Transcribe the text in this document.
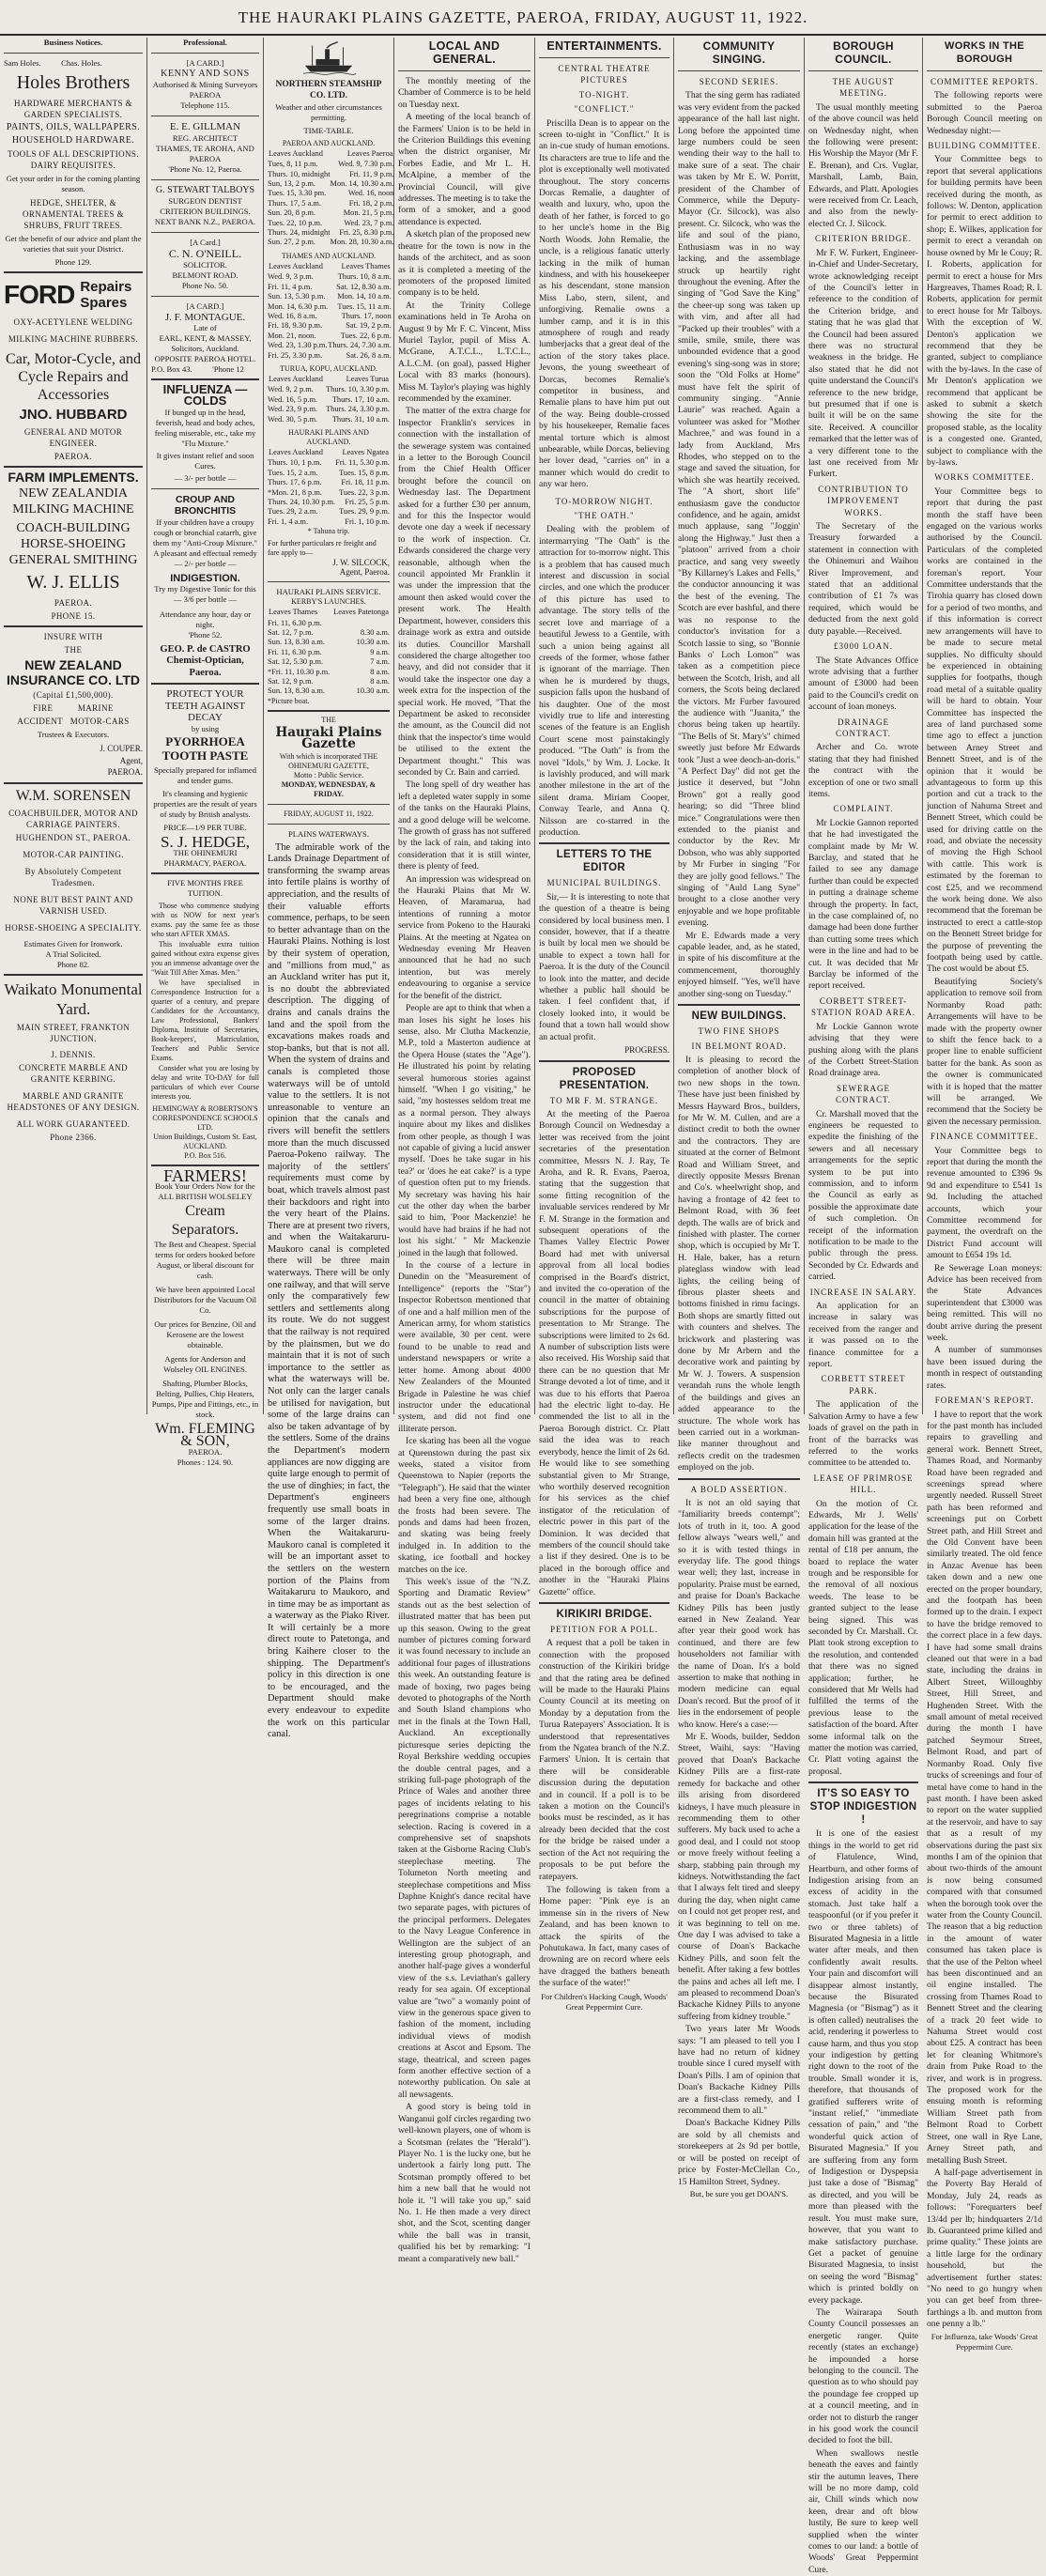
THE HAURAKI PLAINS GAZETTE, PAEROA, FRIDAY, AUGUST 11, 1922.
Business Notices.
Sam Holes.          Chas. Holes.
Holes Brothers
HARDWARE MERCHANTS & GARDEN SPECIALISTS.
PAINTS, OILS, WALLPAPERS.
HOUSEHOLD HARDWARE.
TOOLS OF ALL DESCRIPTIONS. DAIRY REQUISITES.
Get your order in for the coming planting season.
HEDGE, SHELTER, & ORNAMENTAL TREES & SHRUBS, FRUIT TREES.
Get the benefit of our advice and plant the varieties that suit your District.
Phone 129.
FORD Repairs
Spares
OXY-ACETYLENE WELDING
MILKING MACHINE RUBBERS.
Car, Motor-Cycle, and Cycle Repairs and Accessories
JNO. HUBBARD
GENERAL AND MOTOR ENGINEER.
PAEROA.
FARM IMPLEMENTS.
NEW ZEALANDIA MILKING MACHINE
COACH-BUILDING HORSE-SHOEING GENERAL SMITHING
W. J. ELLIS
PAEROA.
PHONE 15.
INSURE WITH
THE
NEW ZEALAND INSURANCE CO. LTD
(Capital £1,500,000).
FIRE          MARINE
ACCIDENT   MOTOR-CARS
Trustees & Executors.
J. COUPER.
Agent,
PAEROA.
W.M. SORENSEN
COACHBUILDER, MOTOR AND CARRIAGE PAINTERS.
HUGHENDON ST., PAEROA.
MOTOR-CAR PAINTING.
By Absolutely Competent Tradesmen.
NONE BUT BEST PAINT AND VARNISH USED.
HORSE-SHOEING A SPECIALITY.
Estimates Given for Ironwork.
A Trial Solicited.
Phone 82.
Waikato Monumental Yard.
MAIN STREET, FRANKTON JUNCTION.
J. DENNIS.
CONCRETE MARBLE AND GRANITE KERBING.
MARBLE AND GRANITE HEADSTONES OF ANY DESIGN.
ALL WORK GUARANTEED.
Phone 2366.
Professional.
[A CARD.]
KENNY AND SONS
Authorised & Mining Surveyors
PAEROA
Telephone 115.
E. E. GILLMAN
REG. ARCHITECT
THAMES, TE AROHA, AND PAEROA
'Phone No. 12, Paeroa.
G. STEWART TALBOYS
SURGEON DENTIST
CRITERION BUILDINGS. NEXT BANK N.Z., PAEROA.
[A Card.]
C. N. O'NEILL.
SOLICITOR.
BELMONT ROAD.
Phone No. 50.
[A CARD.]
J. F. MONTAGUE.
Late of
EARL, KENT, & MASSEY,
Solicitors, Auckland.
OPPOSITE PAEROA HOTEL.
P.O. Box 43.          'Phone 12
INFLUENZA — COLDS
If bunged up in the head, feverish, head and body aches, feeling miserable, etc., take my "Flu Mixture."
It gives instant relief and soon Cures.
— 3/- per bottle —
CROUP AND BRONCHITIS
If your children have a croupy cough or bronchial catarrh, give them my "Anti-Croup Mixture." A pleasant and effectual remedy
— 2/- per bottle —
INDIGESTION.
Try my Digestive Tonic for this
— 3/6 per bottle —
Attendance any hour, day or night.
'Phone 52.
GEO. P. de CASTRO
Chemist-Optician, Paeroa.
PROTECT YOUR TEETH AGAINST DECAY
by using
PYORRHOEA TOOTH PASTE
Specially prepared for inflamed and tender gums.
It's cleansing and hygienic properties are the result of years of study by British analysts.
PRICE—1/9 PER TUBE.
S. J. HEDGE,
THE OHINEMURI PHARMACY, PAEROA.
FIVE MONTHS FREE TUITION.
Those who commence studying with us NOW for next year's exams. pay the same fee as those who start AFTER XMAS.
This invaluable extra tuition gained without extra expense gives you an immense advantage over the "Wait Till After Xmas. Men."
We have specialised in Correspondence Instruction for a quarter of a century, and prepare Candidates for the Accountancy, Law Professional, Bankers' Diploma, Institute of Secretaries, Book-keepers', Matriculation, Teachers' and Public Service Exams.
Consider what you are losing by delay and write TO-DAY for full particulars of which ever Course interests you.
HEMINGWAY & ROBERTSON'S CORRESPONDENCE SCHOOLS LTD.
Union Buildings, Custom St. East,
AUCKLAND.
P.O. Box 516.
FARMERS!
Book Your Orders Now for the ALL BRITISH WOLSELEY
Cream Separators.
The Best and Cheapest. Special terms for orders booked before August, or liberal discount for cash.
We have been appointed Local Distributors for the Vacuum Oil Co.
Our prices for Benzine, Oil and Kerosene are the lowest obtainable.
Agents for Anderson and Wolseley OIL ENGINES.
Shafting, Plumber Blocks, Belting, Pullies, Chip Heaters, Pumps, Pipe and Fittings, etc., in stock.
Wm. FLEMING & SON,
PAEROA.
Phones : 124. 90.
NORTHERN STEAMSHIP CO. LTD.
Weather and other circumstances permitting.
TIME-TABLE.
PAEROA AND AUCKLAND.
Leaves Auckland	Leaves Paeroa
Tues, 8, 11 p.m.	Wed. 9, 7.30 p.m.
Thurs. 10, midnight	Fri. 11, 9 p.m.
Sun, 13, 2 p.m.	Mon. 14, 10.30 a.m.
Tues. 15, 3.30 pm.	Wed. 16, noon
Thurs. 17, 5 a.m.	Fri. 18, 2 p.m.
Sun. 20, 8 p.m.	Mon. 21, 5 p.m.
Tues. 22, 10 p.m.	Wed. 23, 7 p.m.
Thurs. 24, midnight	Fri. 25, 8.30 p.m.
Sun. 27, 2 p.m.	Mon. 28, 10.30 a.m.
THAMES AND AUCKLAND.
Leaves Auckland	Leaves Thames
Wed. 9, 3 p.m.	Thurs. 10, 8 a.m.
Fri. 11, 4 p.m.	Sat. 12, 8.30 a.m.
Sun. 13, 5.30 p.m.	Mon. 14, 10 a.m.
Mon. 14, 6.30 p.m.	Tues. 15, 11 a.m.
Wed. 16, 8 a.m.	Thurs. 17, noon
Fri. 18, 9.30 p.m.	Sat. 19, 2 p.m.
Mon. 21, noon.	Tues. 22, 6 p.m.
Wed. 23, 1.30 p.m.	Thurs. 24, 7.30 a.m.
Fri. 25, 3.30 p.m.	Sat. 26, 8 a.m.
TURUA, KOPU, AUCKLAND.
Leaves Auckland	Leaves Turua
Wed. 9, 2 p.m.	Thurs. 10, 3.30 p.m.
Wed. 16, 5 p.m.	Thurs. 17, 10 a.m.
Wed. 23, 9 p.m.	Thurs. 24, 3.30 p.m.
Wed. 30, 5 p.m.	Thurs. 31, 10 a.m.
HAURAKI PLAINS AND AUCKLAND.
Leaves Auckland	Leaves Ngatea
Thurs. 10, 1 p.m.	Fri. 11, 5.30 p.m.
Tues. 15, 2 a.m.	Tues. 15, 8 p.m.
Thurs. 17, 6 p.m.	Fri. 18, 11 p.m.
*Mon. 21, 8 p.m.	Tues. 22, 3 p.m.
Thurs. 24, 10.30 p.m.	Fri. 25, 5 p.m.
Tues. 29, 2 a.m.	Tues. 29, 9 p.m.
Fri. 1, 4 a.m.	Fri. 1, 10 p.m.
* Tahuna trip.
For further particulars re freight and fare apply to—
J. W. SILCOCK,
Agent, Paeroa.
HAURAKI PLAINS SERVICE.
KERBY'S LAUNCHES.
Leaves Thames	Leaves Patetonga
Fri. 11, 6.30 p.m.	
Sat. 12, 7 p.m.	8.30 a.m.
Sun. 13, 8.30 a.m.	10.30 a.m.
Fri. 11, 6.30 p.m.	9 a.m.
Sat. 12, 5.30 p.m.	7 a.m.
*Fri. 11, 10.30 p.m.	8 a.m.
Sat. 12, 9 p.m.	8 a.m.
Sun. 13, 8.30 a.m.	10.30 a.m.
*Picture boat.
THE
Hauraki Plains Gazette
With which is incorporated THE OHINEMURI GAZETTE,
Motto : Public Service.
MONDAY, WEDNESDAY, & FRIDAY.
FRIDAY, AUGUST 11, 1922.
PLAINS WATERWAYS.
The admirable work of the Lands Drainage Department of transforming the swamp areas into fertile plains is worthy of appreciation, and the results of their valuable efforts commence, perhaps, to be seen to better advantage than on the Hauraki Plains. Nothing is lost by their system of operation, and "millions from mud," as an Auckland writer has put it, is no doubt the abbreviated description. The digging of drains and canals drains the land and the spoil from the excavations makes roads and stop-banks, but that is not all. When the system of drains and canals is completed those waterways will be of untold value to the settlers. It is not unreasonable to venture an opinion that the canals and rivers will benefit the settlers more than the much discussed Paeroa-Pokeno railway. The majority of the settlers' requirements must come by boat, which travels almost past their backdoors and right into the very heart of the Plains. There are at present two rivers, and when the Waitakaruru-Maukoro canal is completed there will be three main waterways. There will be only one railway, and that will serve only the comparatively few settlers and settlements along its route. We do not suggest that the railway is not required by the plainsmen, but we do maintain that it is not of such importance to the settler as what the waterways will be. Not only can the larger canals be utilised for navigation, but some of the large drains can also be taken advantage of by the settlers. Some of the drains the Department's modern appliances are now digging are quite large enough to permit of the use of dinghies; in fact, the Department's engineers frequently use small boats in some of the larger drains. When the Waitakaruru-Maukoro canal is completed it will be an important asset to the settlers on the western portion of the Plains from Waitakaruru to Maukoro, and in time may be as important as a waterway as the Piako River. It will certainly be a more direct route to Patetonga, and bring Kaihere closer to the shipping. The Department's policy in this direction is one to be encouraged, and the Department should make every endeavour to expedite the work on this particular canal.
LOCAL AND GENERAL.
The monthly meeting of the Chamber of Commerce is to be held on Tuesday next.
A meeting of the local branch of the Farmers' Union is to be held in the Criterion Buildings this evening when the district organiser, Mr Forbes Eadie, and Mr L. H. McAlpine, a member of the Provincial Council, will give addresses. The meeting is to take the form of a smoker, and a good attendance is expected.
A sketch plan of the proposed new theatre for the town is now in the hands of the architect, and as soon as it is completed a meeting of the promoters of the proposed limited company is to be held.
At the Trinity College examinations held in Te Aroha on August 9 by Mr F. C. Vincent, Miss Muriel Taylor, pupil of Miss A. McGrane, A.T.C.L., L.T.C.L., A.L.C.M. (on goal), passed Higher Local with 83 marks (honours). Miss M. Taylor's playing was highly recommended by the examiner.
The matter of the extra charge for Inspector Franklin's services in connection with the installation of the sewerage system was contained in a letter to the Borough Council from the Chief Health Officer brought before the council on Wednesday last. The Department asked for a further £30 per annum, and for this the Inspector would devote one day a week if necessary to the work of inspection. Cr. Edwards considered the charge very reasonable, although when the council appointed Mr Franklin it was under the impression that the amount then asked would cover the present work. The Health Department, however, considers this drainage work as extra and outside its duties. Councillor Marshall considered the charge altogether too heavy, and did not consider that it would take the inspector one day a week extra for the inspection of the special work. He moved, "That the Department be asked to reconsider the amount, as the Council did not think that the inspector's time would be utilised to the extent the Department thought." This was seconded by Cr. Bain and carried.
The long spell of dry weather has left a depleted water supply in some of the tanks on the Hauraki Plains, and a good deluge will be welcome. The growth of grass has not suffered by the lack of rain, and taking into consideration that it is still winter, there is plenty of feed.
An impression was widespread on the Hauraki Plains that Mr W. Heaven, of Maramarua, had intentions of running a motor service from Pokeno to the Hauraki Plains. At the meeting at Ngatea on Wednesday evening Mr Heaven announced that he had no such intention, but was merely endeavouring to organise a service for the benefit of the district.
People are apt to think that when a man loses his sight he loses his sense, also. Mr Clutha Mackenzie, M.P., told a Masterton audience at the Opera House (states the "Age"). He illustrated his point by relating several humorous stories against himself. "When I go visiting," he said, "my hostesses seldom treat me as a normal person. They always inquire about my likes and dislikes from other people, as though I was not capable of giving a lucid answer myself. 'Does he take sugar in his tea?' or 'does he eat cake?' is a type of question often put to my friends. My secretary was having his hair cut the other day when the barber said to him, 'Poor Mackenzie! he would have had brains if he had not lost his sight.' " Mr Mackenzie joined in the laugh that followed.
In the course of a lecture in Dunedin on the "Measurement of Intelligence" (reports the "Star") Inspector Robertson mentioned that of one and a half million men of the American army, for whom statistics were available, 30 per cent. were found to be unable to read and understand newspapers or write a letter home. Among about 4000 New Zealanders of the Mounted Brigade in Palestine he was chief instructor under the educational system, and did not find one illiterate person.
Ice skating has been all the vogue at Queenstown during the past six weeks, stated a visitor from Queenstown to Napier (reports the "Telegraph"). He said that the winter had been a very fine one, although the frosts had been severe. The ponds and dams had been frozen, and skating was being freely indulged in. In addition to the skating, ice football and hockey matches on the ice.
This week's issue of the "N.Z. Sporting and Dramatic Review" stands out as the best selection of illustrated matter that has been put up this season. Owing to the great number of pictures coming forward it was found necessary to include an additional four pages of illustrations this week. An outstanding feature is made of boxing, two pages being devoted to photographs of the North and South Island champions who met in the finals at the Town Hall, Auckland. An exceptionally picturesque series depicting the Royal Berkshire wedding occupies the double central pages, and a striking full-page photograph of the Prince of Wales and another three pages of incidents relating to his peregrinations comprise a notable selection. Racing is covered in a comprehensive set of snapshots taken at the Gisborne Racing Club's steeplechase meeting. The Tolumeton North meeting and steeplechase competitions and Miss Daphne Knight's dance recital have two separate pages, with pictures of the principal performers. Delegates to the Navy League Conference in Wellington are the subject of an interesting group photograph, and another half-page gives a wonderful view of the s.s. Leviathan's gallery ready for sea again. Of exceptional value are "two" a womanly point of view in the generous space given to fashion of the moment, including individual views of modish creations at Ascot and Epsom. The stage, theatrical, and screen pages form another effective section of a noteworthy publication. On sale at all newsagents.
A good story is being told in Wanganui golf circles regarding two well-known players, one of whom is a Scotsman (relates the "Herald"). Player No. 1 is the lucky one, but he undertook a fairly long putt. The Scotsman promptly offered to bet him a new ball that he would not hole it. "I will take you up," said No. 1. He then made a very direct shot, and the Scot, scenting danger while the ball was in transit, qualified his bet by remarking: "I meant a comparatively new ball."
ENTERTAINMENTS.
CENTRAL THEATRE PICTURES
TO-NIGHT.
"CONFLICT."
Priscilla Dean is to appear on the screen to-night in "Conflict." It is an in-cue study of human emotions. Its characters are true to life and the plot is exceptionally well motivated throughout. The story concerns Dorcas Remalie, a daughter of wealth and luxury, who, upon the death of her father, is forced to go to her uncle's home in the Big North Woods. John Remalie, the uncle, is a religious fanatic utterly lacking in the milk of human kindness, and with his housekeeper as his descendant, stone mansion Miss Labo, stern, silent, and unforgiving. Remalie owns a lumber camp, and it is in this atmosphere of rough and ready lumberjacks that a great deal of the action of the story takes place. Jevons, the young sweetheart of Dorcas, becomes Remalie's competitor in business, and Remalie plans to have him put out of the way. Being double-crossed by his housekeeper, Remalie faces mental torture which is almost unbearable, while Dorcas, believing her lover dead, "carries on" in a manner which would do credit to any war hero.
TO-MORROW NIGHT.
"THE OATH."
Dealing with the problem of intermarrying "The Oath" is the attraction for to-morrow night. This is a problem that has caused much interest and discussion in social circles, and one which the producer of this picture has used to advantage. The story tells of the secret love and marriage of a beautiful Jewess to a Gentile, with such a union being against all creeds of the former, whose father is ignorant of the marriage. Then when he is murdered by thugs, suspicion falls upon the husband of his daughter. One of the most vividly true to life and interesting scenes of the feature is an English Court scene most painstakingly produced. "The Oath" is from the novel "Idols," by Wm. J. Locke. It is lavishly produced, and will mark another milestone in the art of the silent drama. Miriam Cooper, Conway Tearle, and Anna Q. Nilsson are co-starred in the production.
LETTERS TO THE EDITOR
MUNICIPAL BUILDINGS.
Sir,— It is interesting to note that the question of a theatre is being considered by local business men. I consider, however, that if a theatre is built by local men we should be unable to expect a town hall for Paeroa. It is the duty of the Council to look into the matter, and decide whether a public hall should be taken. I feel confident that, if closely looked into, it would be found that a town hall would show an actual profit.
PROGRESS.
PROPOSED PRESENTATION.
TO MR F. M. STRANGE.
At the meeting of the Paeroa Borough Council on Wednesday a letter was received from the joint secretaries of the presentation committee, Messrs N. J. Ray, Te Aroha, and R. R. Evans, Paeroa, stating that the suggestion that some fitting recognition of the invaluable services rendered by Mr F. M. Strange in the formation and subsequent operations of the Thames Valley Electric Power Board had met with universal approval from all local bodies comprised in the Board's district, and invited the co-operation of the council in the matter of obtaining subscriptions for the purpose of presentation to Mr Strange. The subscriptions were limited to 2s 6d. A number of subscription lists were also received. His Worship said that there can be no question that Mr Strange devoted a lot of time, and it was due to his efforts that Paeroa had the electric light to-day. He commended the list to all in the Paeroa Borough district. Cr. Platt said the idea was to reach everybody, hence the limit of 2s 6d. He would like to see something substantial given to Mr Strange, who worthily deserved recognition for his services as the chief instigator of the reticulation of electric power in this part of the Dominion. It was decided that members of the council should take a list if they desired. One is to be placed in the borough office and another in the "Hauraki Plains Gazette" office.
KIRIKIRI BRIDGE.
PETITION FOR A POLL.
A request that a poll be taken in connection with the proposed construction of the Kirikiri bridge and that the rating area be defined will be made to the Hauraki Plains County Council at its meeting on Monday by a deputation from the Turua Ratepayers' Association. It is understood that representatives from the Ngatea branch of the N.Z. Farmers' Union. It is certain that there will be considerable discussion during the deputation and in council. If a poll is to be taken a motion on the Council's books must be rescinded, as it has already been decided that the cost for the bridge be raised under a section of the Act not requiring the proposals to be put before the ratepayers.
The following is taken from a Home paper: "Pink eye is an immense sin in the rivers of New Zealand, and has been known to attack the spirits of the Pohutukawa. In fact, many cases of drowning are on record where eels have dragged the bathers beneath the surface of the water!"
For Children's Hacking Cough, Woods' Great Peppermint Cure.
COMMUNITY SINGING.
SECOND SERIES.
That the sing germ has radiated was very evident from the packed appearance of the hall last night. Long before the appointed time large numbers could be seen wending their way to the hall to make sure of a seat. The chair was taken by Mr E. W. Porritt, president of the Chamber of Commerce, while the Deputy-Mayor (Cr. Silcock), was also present. Cr. Silcock, who was the life and soul of the piano, Enthusiasm was in no way lacking, and the assemblage struck up heartily right throughout the evening. After the singing of "God Save the King" the cheer-up song was taken up with vim, and after all had "Packed up their troubles" with a smile, smile, smile, there was unbounded evidence that a good evening's sing-song was in store; soon the "Old Folks at Home" must have felt the spirit of community singing. "Annie Laurie" was reached. Again a volunteer was asked for "Mother Machree," and was found in a lady from Auckland, Mrs Rhodes, who stepped on to the stage and saved the situation, for which she was heartily received. The "A short, short life" enthusiasm gave the conductor confidence, and he again, amidst much applause, sang "Joggin' along the Highway." Just then a "platoon" arrived from a choir practice, and sang very sweetly "By Killarney's Lakes and Fells," the conductor announcing it was the best of the evening. The Scotch are ever bashful, and there was no response to the conductor's invitation for a Scotch lassie to sing, so "Bonnie Banks o' Loch Lomon'" was taken as a competition piece between the Scotch, Irish, and all corners, the Scots being declared the victors. Mr Furber favoured the audience with "Juanita," the chorus being taken up heartily. "The Bells of St. Mary's" chimed sweetly just before Mr Edwards took "Just a wee deoch-an-doris." "A Perfect Day" did not get the justice it deserved, but "John Brown" got a really good hearing; so did "Three blind mice." Congratulations were then extended to the pianist and conductor by the Rev. Mr Dobson, who was ably supported by Mr Furber in singing "For they are jolly good fellows." The singing of "Auld Lang Syne" brought to a close another very enjoyable and we hope profitable evening.
Mr E. Edwards made a very capable leader, and, as he stated, in spite of his discomfiture at the commencement, thoroughly enjoyed himself. "Yes, we'll have another sing-song on Tuesday."
NEW BUILDINGS.
TWO FINE SHOPS
IN BELMONT ROAD.
It is pleasing to record the completion of another block of two new shops in the town. These have just been finished by Messrs Hayward Bros., builders, for Mr W. M. Cullen, and are a distinct credit to both the owner and the contractors. They are situated at the corner of Belmont Road and William Street, and directly opposite Messrs Brenan and Co's. wheelwright shop, and having a frontage of 42 feet to Belmont Road, with 36 feet depth. The walls are of brick and finished with plaster. The corner shop, which is occupied by Mr T. H. Hale, baker, has a return plateglass window with lead lights, the ceiling being of fibrous plaster sheets and bottoms finished in rimu facings. Both shops are smartly fitted out with counters and shelves. The brickwork and plastering was done by Mr Arbern and the decorative work and painting by Mr W. J. Towers. A suspension verandah runs the whole length of the buildings and gives an added appearance to the structure. The whole work has been carried out in a workman-like manner throughout and reflects credit on the tradesmen employed on the job.
A BOLD ASSERTION.
It is not an old saying that "familiarity breeds contempt"; lots of truth in it, too. A good fellow always "wears well," and so it is with tested things in everyday life. The good things wear well; they last, increase in popularity. Praise must be earned, and praise for Doan's Backache Kidney Pills has been justly earned in New Zealand. Year after year their good work has continued, and there are few householders not familiar with the name of Doan. It's a bold assertion to make that nothing in modern medicine can equal Doan's record. But the proof of it lies in the endorsement of people who know. Here's a case:—
Mr E. Woods, builder, Seddon Street, Waihi, says: "Having proved that Doan's Backache Kidney Pills are a first-rate remedy for backache and other ills arising from disordered kidneys, I have much pleasure in recommending them to other sufferers. My back used to ache a good deal, and I could not stoop or move freely without feeling a sharp, stabbing pain through my kidneys. Notwithstanding the fact that I always felt tired and sleepy during the day, when night came on I could not get proper rest, and it was beginning to tell on me. One day I was advised to take a course of Doan's Backache Kidney Pills, and soon felt the benefit. After taking a few bottles the pains and aches all left me. I am pleased to recommend Doan's Backache Kidney Pills to anyone suffering from kidney trouble."
Two years later Mr Woods says: "I am pleased to tell you I have had no return of kidney trouble since I cured myself with Doan's Pills. I am of opinion that Doan's Backache Kidney Pills are a first-class remedy, and I recommend them to all."
Doan's Backache Kidney Pills are sold by all chemists and storekeepers at 2s 9d per bottle, or will be posted on receipt of price by Foster-McClellan Co., 15 Hamilton Street, Sydney.
But, be sure you get DOAN'S.
BOROUGH COUNCIL.
THE AUGUST MEETING.
The usual monthly meeting of the above council was held on Wednesday night, when the following were present: His Worship the Mayor (Mr F. E. Brenan), and Crs. Vuglar, Marshall, Lamb, Bain, Edwards, and Platt. Apologies were received from Cr. Leach, and also from the newly-elected Cr. J. Silcock.
CRITERION BRIDGE.
Mr F. W. Furkert, Engineer-in-Chief and Under-Secretary, wrote acknowledging receipt of the Council's letter in reference to the condition of the Criterion bridge, and stating that he was glad that the Council had been assured there was no structural weakness in the bridge. He also stated that he did not quite understand the Council's reference to the new bridge, but presumed that if one is built it will be on the same site. Received. A councillor remarked that the letter was of a very different tone to the last one received from Mr Furkert.
CONTRIBUTION TO IMPROVEMENT WORKS.
The Secretary of the Treasury forwarded a statement in connection with the Ohinemuri and Waihou River Improvement, and stated that an additional contribution of £1 7s was required, which would be deducted from the next gold duty payable.—Received.
£3000 LOAN.
The State Advances Office wrote advising that a further amount of £3000 had been paid to the Council's credit on account of loan moneys.
DRAINAGE CONTRACT.
Archer and Co. wrote stating that they had finished the contract with the exception of one or two small items.
COMPLAINT.
Mr Lockie Gannon reported that he had investigated the complaint made by Mr W. Barclay, and stated that he failed to see any damage further than could be expected in putting a drainage scheme through the property. In fact, in the case complained of, no damage had been done further than cutting some trees which were in the line and had to be cut. It was decided that Mr Barclay be informed of the report received.
CORBETT STREET-STATION ROAD AREA.
Mr Lockie Gannon wrote advising that they were pushing along with the plans of the Corbett Street-Station Road drainage area.
SEWERAGE CONTRACT.
Cr. Marshall moved that the engineers be requested to expedite the finishing of the sewers and all necessary arrangements for the septic system to be put into commission, and to inform the Council as early as possible the approximate date of such completion. On receipt of the information notification to be made to the public through the press. Seconded by Cr. Edwards and carried.
INCREASE IN SALARY.
An application for an increase in salary was received from the ranger and it was passed on to the finance committee for a report.
CORBETT STREET PARK.
The application of the Salvation Army to have a few loads of gravel on the path in front of the barracks was referred to the works committee to be attended to.
LEASE OF PRIMROSE HILL.
On the motion of Cr. Edwards, Mr J. Wells' application for the lease of the domain hill was granted at the rental of £18 per annum, the board to replace the water trough and be responsible for the removal of all noxious weeds. The lease to be granted subject to the lease being signed. This was seconded by Cr. Marshall. Cr. Platt took strong exception to the resolution, and contended that there was no signed application; further, he considered that Mr Wells had fulfilled the terms of the previous lease to the satisfaction of the board. After some informal talk on the matter the motion was carried, Cr. Platt voting against the proposal.
IT'S SO EASY TO STOP INDIGESTION !
It is one of the easiest things in the world to get rid of Flatulence, Wind, Heartburn, and other forms of Indigestion arising from an excess of acidity in the stomach. Just take half a teaspoonful (or if you prefer it two or three tablets) of Bisurated Magnesia in a little water after meals, and then confidently await results. Your pain and discomfort will disappear almost instantly, because the Bisurated Magnesia (or "Bismag") as it is often called) neutralises the acid, rendering it powerless to cause harm, and thus you stop your indigestion by getting right down to the root of the trouble. Small wonder it is, therefore, that thousands of gratified sufferers write of "instant relief," "immediate cessation of pain," and "the wonderful quick action of Bisurated Magnesia." If you are suffering from any form of Indigestion or Dyspepsia just take a dose of "Bismag" as directed, and you will be more than pleased with the result. You must make sure, however, that you want to make satisfactory purchase. Get a packet of genuine Bisurated Magnesia, to insist on seeing the word "Bismag" which is printed boldly on every package.
The Wairarapa South County Council possesses an energetic ranger. Quite recently (states an exchange) he impounded a horse belonging to the council. The question as to who should pay the poundage fee cropped up at a council meeting, and in order not to disturb the ranger in his good work the council decided to foot the bill.
When swallows nestle beneath the eaves and faintly stir the autumn leaves, There will be no more damp, cold air, Chill winds which now keen, drear and oft blow lustily, Be sure to keep well supplied when the winter comes to our land: a bottle of Woods' Great Peppermint Cure.
WORKS IN THE BOROUGH
COMMITTEE REPORTS.
The following reports were submitted to the Paeroa Borough Council meeting on Wednesday night:—
BUILDING COMMITTEE.
Your Committee begs to report that several applications for building permits have been received during the month, as follows: W. Denton, application for permit to erect addition to shop; E. Wilkes, application for permit to erect a verandah on house owned by Mr le Couy; R. I. Roberts, application for permit to erect a house for Mrs Hargreaves, Thames Road; R. I. Roberts, application for permit to erect house for Mr Talboys. With the exception of W. Denton's application we recommend that they be granted, subject to compliance with the by-laws. In the case of Mr Denton's application we recommend that applicant be asked to submit a sketch showing the site for the proposed stable, as the locality is a congested one. Granted, subject to compliance with the by-laws.
WORKS COMMITTEE.
Your Committee begs to report that during the past month the staff have been engaged on the various works authorised by the Council. Particulars of the completed works are contained in the foreman's report. Your Committee understands that the Tirohia quarry has closed down for a period of two months, and if this information is correct new arrangements will have to be made to secure metal supplies. No difficulty should be experienced in obtaining supplies for footpaths, though road metal of a suitable quality will be hard to obtain. Your Committee has inspected the area of land purchased some time ago to effect a junction between Arney Street and Bennett Street, and is of the opinion that it would be advantageous to form up this portion and cut a track to the junction of Nahuma Street and Bennett Street, which could be used for driving cattle on the road, and obviate the necessity of moving the High School with cattle. This work is estimated by the foreman to cost £25, and we recommend the work being done. We also recommend that the foreman be instructed to erect a cattle-stop on the Bennett Street bridge for the purpose of preventing the footpath being used by cattle. The cost would be about £5.
Beautifying Society's application to remove soil from Normanby Road path: Arrangements will have to be made with the property owner to shift the fence back to a proper line to enable sufficient batter for the bank. As soon as the owner is communicated with it is hoped that the matter will be arranged. We recommend that the Society be given the necessary permission.
FINANCE COMMITTEE.
Your Committee begs to report that during the month the revenue amounted to £396 9s 9d and expenditure to £541 1s 9d. Including the attached accounts, which your Committee recommend for payment, the overdraft on the District Fund account will amount to £654 19s 1d.
Re Sewerage Loan moneys: Advice has been received from the State Advances superintendent that £3000 was being remitted. This will no doubt arrive during the present week.
A number of summonses have been issued during the month in respect of outstanding rates.
FOREMAN'S REPORT.
I have to report that the work for the past month has included repairs to gravelling and general work. Bennett Street, Thames Road, and Normanby Road have been regraded and screenings spread where urgently needed. Russell Street path has been reformed and screenings put on Corbett Street path, and Hill Street and the Old Convent have been similarly treated. The old fence in Anzac Avenue has been taken down and a new one erected on the proper boundary, and the footpath has been formed up to the drain. I expect to have the bridge removed to the correct place in a few days. I have had some small drains cleaned out that were in a bad state, including the drains in Albert Street, Willoughby Street, Hill Street, and Hughenden Street. With the small amount of metal received during the month I have patched Seymour Street, Belmont Road, and part of Normanby Road. Only five trucks of screenings and four of metal have come to hand in the past month. I have been asked to report on the water supplied at the reservoir, and have to say that as a result of my observations during the past six months I am of the opinion that about two-thirds of the amount is now being consumed compared with that consumed when the borough took over the water from the County Council. The reason that a big reduction in the amount of water consumed has taken place is that the use of the Pelton wheel has been discontinued and an oil engine installed. The crossing from Thames Road to Bennett Street and the clearing of a track 20 feet wide to Nahuma Street would cost about £25. A contract has been let for cleaning Whitmore's drain from Puke Road to the river, and work is in progress. The proposed work for the ensuing month is reforming William Street path from Belmont Road to Corbett Street, one wall in Rye Lane, Arney Street path, and metalling Bush Street.
A half-page advertisement in the Poverty Bay Herald of Monday, July 24, reads as follows: "Forequarters beef 13/4d per lb; hindquarters 2/1d lb. Guaranteed prime killed and prime quality." These joints are a little large for the ordinary household, but the advertisement further states: "No need to go hungry when you can get beef from three-farthings a lb. and mutton from one penny a lb."
For Influenza, take Woods' Great Peppermint Cure.
